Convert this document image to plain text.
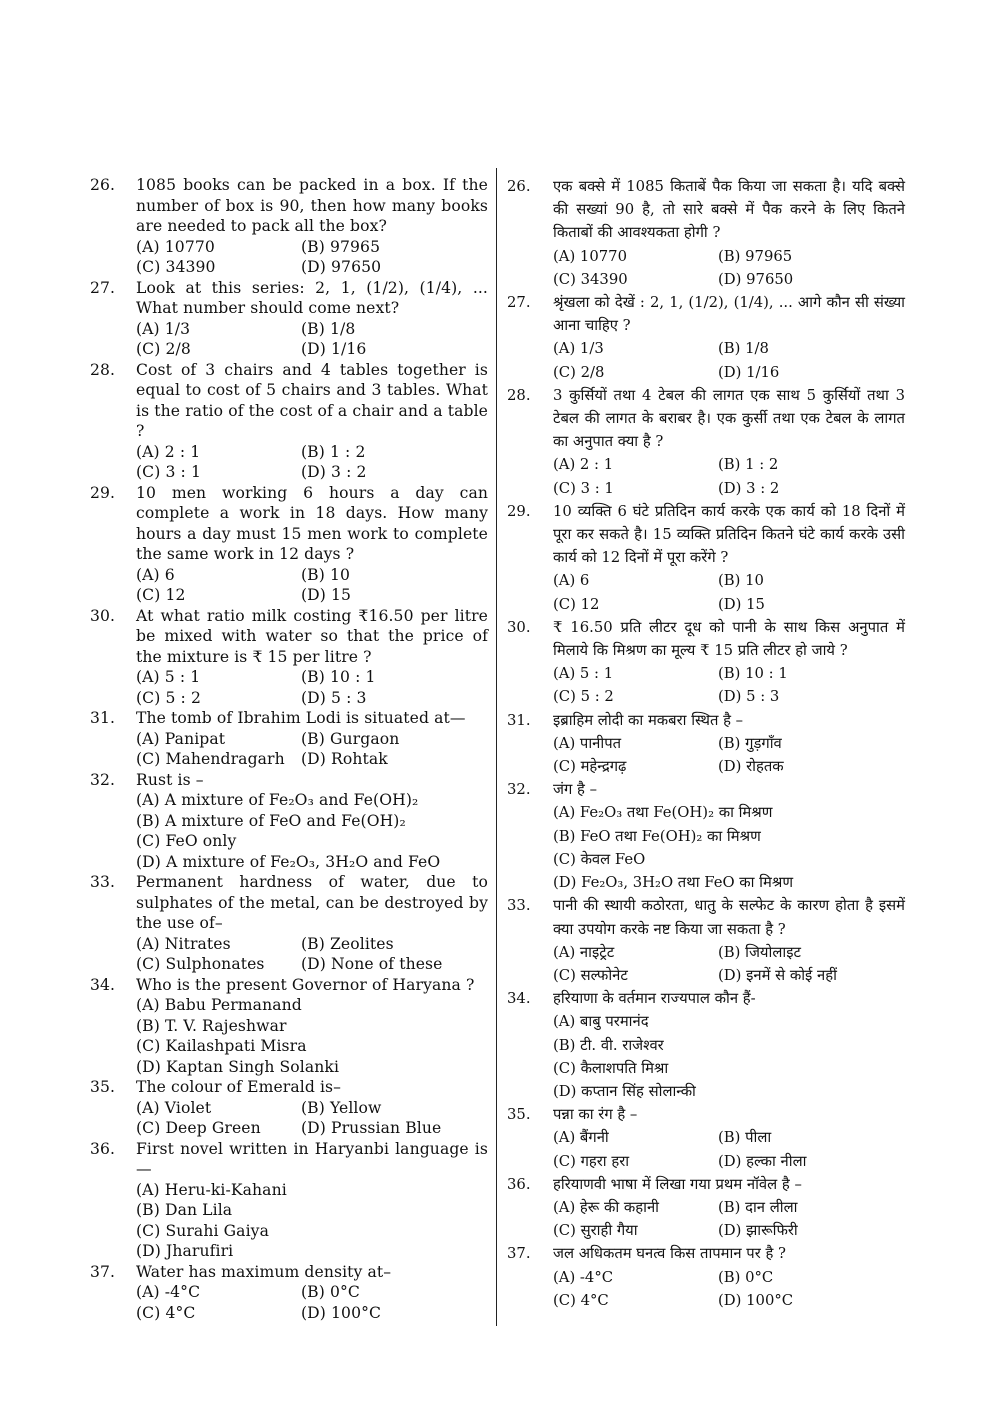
26. 1085 books can be packed in a box. If the number of box is 90, then how many books are needed to pack all the box?
(A) 10770	(B) 97965
(C) 34390	(D) 97650
27. Look at this series: 2, 1, (1/2), (1/4), ... What number should come next?
(A) 1/3	(B) 1/8
(C) 2/8	(D) 1/16
28. Cost of 3 chairs and 4 tables together is equal to cost of 5 chairs and 3 tables. What is the ratio of the cost of a chair and a table ?
(A) 2 : 1	(B) 1 : 2
(C) 3 : 1	(D) 3 : 2
29. 10 men working 6 hours a day can complete a work in 18 days. How many hours a day must 15 men work to complete the same work in 12 days ?
(A) 6	(B) 10
(C) 12	(D) 15
30. At what ratio milk costing ₹16.50 per litre be mixed with water so that the price of the mixture is ₹ 15 per litre ?
(A) 5 : 1	(B) 10 : 1
(C) 5 : 2	(D) 5 : 3
31. The tomb of Ibrahim Lodi is situated at—
(A) Panipat	(B) Gurgaon
(C) Mahendragarh	(D) Rohtak
32. Rust is –
(A) A mixture of Fe₂O₃ and Fe(OH)₂
(B) A mixture of FeO and Fe(OH)₂
(C) FeO only
(D) A mixture of Fe₂O₃, 3H₂O and FeO
33. Permanent hardness of water, due to sulphates of the metal, can be destroyed by the use of–
(A) Nitrates	(B) Zeolites
(C) Sulphonates	(D) None of these
34. Who is the present Governor of Haryana ?
(A) Babu Permanand
(B) T. V. Rajeshwar
(C) Kailashpati Misra
(D) Kaptan Singh Solanki
35. The colour of Emerald is–
(A) Violet	(B) Yellow
(C) Deep Green	(D) Prussian Blue
36. First novel written in Haryanbi language is—
(A) Heru-ki-Kahani
(B) Dan Lila
(C) Surahi Gaiya
(D) Jharufiri
37. Water has maximum density at–
(A) -4°C	(B) 0°C
(C) 4°C	(D) 100°C
26. एक बक्से में 1085 किताबें पैक किया जा सकता है। यदि बक्से की सख्यां 90 है, तो सारे बक्से में पैक करने के लिए कितने किताबों की आवश्यकता होगी ?
(A) 10770	(B) 97965
(C) 34390	(D) 97650
27. श्रृंखला को देखें : 2, 1, (1/2), (1/4), ... आगे कौन सी संख्या आना चाहिए ?
(A) 1/3	(B) 1/8
(C) 2/8	(D) 1/16
28. 3 कुर्सियों तथा 4 टेबल की लागत एक साथ 5 कुर्सियों तथा 3 टेबल की लागत के बराबर है। एक कुर्सी तथा एक टेबल के लागत का अनुपात क्या है ?
(A) 2 : 1	(B) 1 : 2
(C) 3 : 1	(D) 3 : 2
29. 10 व्यक्ति 6 घंटे प्रतिदिन कार्य करके एक कार्य को 18 दिनों में पूरा कर सकते है। 15 व्यक्ति प्रतिदिन कितने घंटे कार्य करके उसी कार्य को 12 दिनों में पूरा करेंगे ?
(A) 6	(B) 10
(C) 12	(D) 15
30. ₹ 16.50 प्रति लीटर दूध को पानी के साथ किस अनुपात में मिलाये कि मिश्रण का मूल्य ₹ 15 प्रति लीटर हो जाये ?
(A) 5 : 1	(B) 10 : 1
(C) 5 : 2	(D) 5 : 3
31. इब्राहिम लोदी का मकबरा स्थित है –
(A) पानीपत	(B) गुड़गाँव
(C) महेन्द्रगढ़	(D) रोहतक
32. जंग है –
(A) Fe₂O₃ तथा Fe(OH)₂ का मिश्रण
(B) FeO तथा Fe(OH)₂ का मिश्रण
(C) केवल FeO
(D) Fe₂O₃, 3H₂O तथा FeO का मिश्रण
33. पानी की स्थायी कठोरता, धातु के सल्फेट के कारण होता है इसमें क्या उपयोग करके नष्ट किया जा सकता है ?
(A) नाइट्रेट	(B) जियोलाइट
(C) सल्फोनेट	(D) इनमें से कोई नहीं
34. हरियाणा के वर्तमान राज्यपाल कौन हैं-
(A) बाबु परमानंद
(B) टी. वी. राजेश्वर
(C) कैलाशपति मिश्रा
(D) कप्तान सिंह सोलान्की
35. पन्ना का रंग है –
(A) बैंगनी	(B) पीला
(C) गहरा हरा	(D) हल्का नीला
36. हरियाणवी भाषा में लिखा गया प्रथम नॉवेल है –
(A) हेरू की कहानी	(B) दान लीला
(C) सुराही गैया	(D) झारूफिरी
37. जल अधिकतम घनत्व किस तापमान पर है ?
(A) -4°C	(B) 0°C
(C) 4°C	(D) 100°C
